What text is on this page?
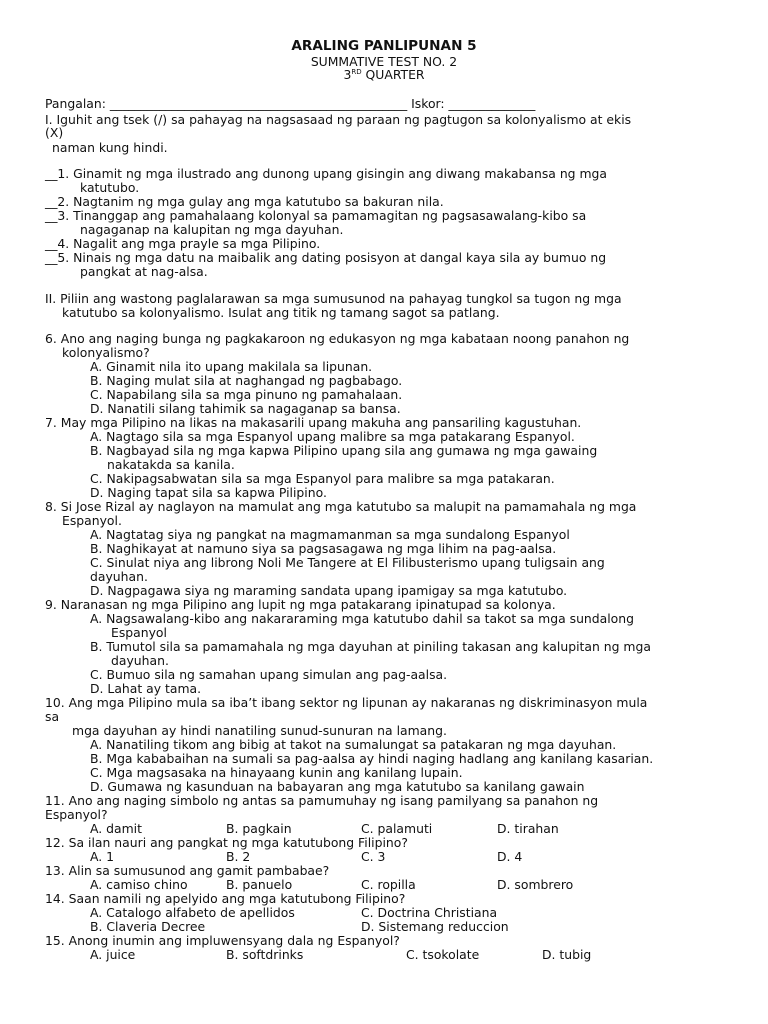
ARALING PANLIPUNAN 5
SUMMATIVE TEST NO. 2
3RD QUARTER
Pangalan: ________________________________________________ Iskor: ______________
I. Iguhit ang tsek (/) sa pahayag na nagsasaad ng paraan ng pagtugon sa kolonyalismo at ekis
(X)
naman kung hindi.
__1. Ginamit ng mga ilustrado ang dunong upang gisingin ang diwang makabansa ng mga
katutubo.
__2. Nagtanim ng mga gulay ang mga katutubo sa bakuran nila.
__3. Tinanggap ang pamahalaang kolonyal sa pamamagitan ng pagsasawalang-kibo sa
nagaganap na kalupitan ng mga dayuhan.
__4. Nagalit ang mga prayle sa mga Pilipino.
__5. Ninais ng mga datu na maibalik ang dating posisyon at dangal kaya sila ay bumuo ng
pangkat at nag-alsa.
II. Piliin ang wastong paglalarawan sa mga sumusunod na pahayag tungkol sa tugon ng mga
katutubo sa kolonyalismo. Isulat ang titik ng tamang sagot sa patlang.
6. Ano ang naging bunga ng pagkakaroon ng edukasyon ng mga kabataan noong panahon ng
kolonyalismo?
A. Ginamit nila ito upang makilala sa lipunan.
B. Naging mulat sila at naghangad ng pagbabago.
C. Napabilang sila sa mga pinuno ng pamahalaan.
D. Nanatili silang tahimik sa nagaganap sa bansa.
7. May mga Pilipino na likas na makasarili upang makuha ang pansariling kagustuhan.
A. Nagtago sila sa mga Espanyol upang malibre sa mga patakarang Espanyol.
B. Nagbayad sila ng mga kapwa Pilipino upang sila ang gumawa ng mga gawaing
nakatakda sa kanila.
C. Nakipagsabwatan sila sa mga Espanyol para malibre sa mga patakaran.
D. Naging tapat sila sa kapwa Pilipino.
8. Si Jose Rizal ay naglayon na mamulat ang mga katutubo sa malupit na pamamahala ng mga
Espanyol.
A. Nagtatag siya ng pangkat na magmamanman sa mga sundalong Espanyol
B. Naghikayat at namuno siya sa pagsasagawa ng mga lihim na pag-aalsa.
C. Sinulat niya ang librong Noli Me Tangere at El Filibusterismo upang tuligsain ang
dayuhan.
D. Nagpagawa siya ng maraming sandata upang ipamigay sa mga katutubo.
9. Naranasan ng mga Pilipino ang lupit ng mga patakarang ipinatupad sa kolonya.
A. Nagsawalang-kibo ang nakararaming mga katutubo dahil sa takot sa mga sundalong
Espanyol
B. Tumutol sila sa pamamahala ng mga dayuhan at piniling takasan ang kalupitan ng mga
dayuhan.
C. Bumuo sila ng samahan upang simulan ang pag-aalsa.
D. Lahat ay tama.
10. Ang mga Pilipino mula sa iba’t ibang sektor ng lipunan ay nakaranas ng diskriminasyon mula
sa
mga dayuhan ay hindi nanatiling sunud-sunuran na lamang.
A. Nanatiling tikom ang bibig at takot na sumalungat sa patakaran ng mga dayuhan.
B. Mga kababaihan na sumali sa pag-aalsa ay hindi naging hadlang ang kanilang kasarian.
C. Mga magsasaka na hinayaang kunin ang kanilang lupain.
D. Gumawa ng kasunduan na babayaran ang mga katutubo sa kanilang gawain
11. Ano ang naging simbolo ng antas sa pamumuhay ng isang pamilyang sa panahon ng
Espanyol?
A. damit	B. pagkain	C. palamuti	D. tirahan
12. Sa ilan nauri ang pangkat ng mga katutubong Filipino?
A. 1	B. 2	C. 3	D. 4
13. Alin sa sumusunod ang gamit pambabae?
A. camiso chino	B. panuelo	C. ropilla	D. sombrero
14. Saan namili ng apelyido ang mga katutubong Filipino?
A. Catalogo alfabeto de apellidos	C. Doctrina Christiana
B. Claveria Decree	D. Sistemang reduccion
15. Anong inumin ang impluwensyang dala ng Espanyol?
A. juice	B. softdrinks	C. tsokolate	D. tubig
